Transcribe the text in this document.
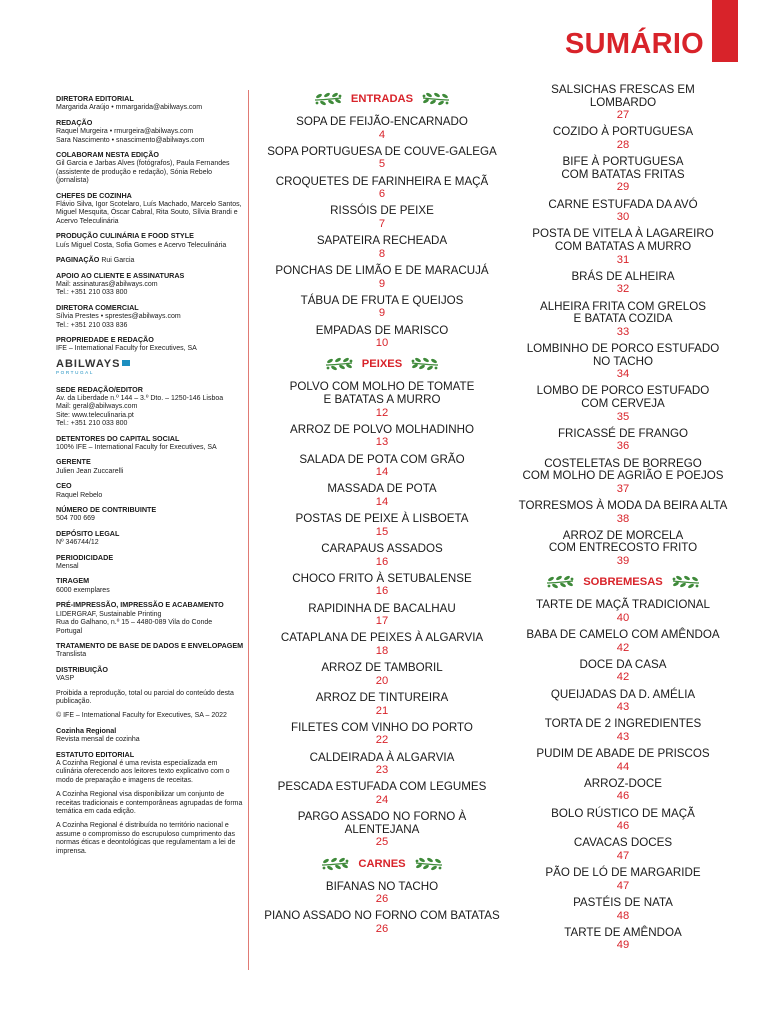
SUMÁRIO
DIRETORA EDITORIAL
Margarida Araújo • mmargarida@abilways.com
REDAÇÃO
Raquel Murgeira • rmurgeira@abilways.com
Sara Nascimento • snascimento@abilways.com
COLABORAM NESTA EDIÇÃO
Gil Garcia e Jarbas Alves (fotógrafos), Paula Fernandes (assistente de produção e redação), Sónia Rebelo (jornalista)
CHEFES DE COZINHA
Flávio Silva, Igor Scotelaro, Luís Machado, Marcelo Santos, Miguel Mesquita, Óscar Cabral, Rita Souto, Sílvia Brandi e Acervo Teleculinária
PRODUÇÃO CULINÁRIA E FOOD STYLE
Luís Miguel Costa, Sofia Gomes e Acervo Teleculinária
PAGINAÇÃO Rui Garcia
APOIO AO CLIENTE E ASSINATURAS
Mail: assinaturas@abilways.com
Tel.: +351 210 033 800
DIRETORA COMERCIAL
Sílvia Prestes • sprestes@abilways.com
Tel.: +351 210 033 836
PROPRIEDADE E REDAÇÃO
IFE – International Faculty for Executives, SA
ABILWAYS
PORTUGAL
SEDE REDAÇÃO/EDITOR
Av. da Liberdade n.º 144 – 3.º Dto. – 1250-146 Lisboa
Mail: geral@abilways.com
Site: www.teleculinaria.pt
Tel.: +351 210 033 800
DETENTORES DO CAPITAL SOCIAL
100% IFE – International Faculty for Executives, SA
GERENTE
Julien Jean Zuccarelli
CEO
Raquel Rebelo
NÚMERO DE CONTRIBUINTE
504 700 669
DEPÓSITO LEGAL
Nº 346744/12
PERIODICIDADE
Mensal
TIRAGEM
6000 exemplares
PRÉ-IMPRESSÃO, IMPRESSÃO E ACABAMENTO
LIDERGRAF, Sustainable Printing
Rua do Galhano, n.º 15 – 4480-089 Vila do Conde
Portugal
TRATAMENTO DE BASE DE DADOS E ENVELOPAGEM
Translista
DISTRIBUIÇÃO
VASP
Proibida a reprodução, total ou parcial do conteúdo desta publicação.
© IFE – International Faculty for Executives, SA – 2022
Cozinha Regional
Revista mensal de cozinha
ESTATUTO EDITORIAL
A Cozinha Regional é uma revista especializada em culinária oferecendo aos leitores texto explicativo com o modo de preparação e imagens de receitas.
A Cozinha Regional visa disponibilizar um conjunto de receitas tradicionais e contemporâneas agrupadas de forma temática em cada edição.
A Cozinha Regional é distribuída no território nacional e assume o compromisso do escrupuloso cumprimento das normas éticas e deontológicas que regulamentam a lei de imprensa.
ENTRADAS
SOPA DE FEIJÃO-ENCARNADO
4
SOPA PORTUGUESA DE COUVE-GALEGA
5
CROQUETES DE FARINHEIRA E MAÇÃ
6
RISSÓIS DE PEIXE
7
SAPATEIRA RECHEADA
8
PONCHAS DE LIMÃO E DE MARACUJÁ
9
TÁBUA DE FRUTA E QUEIJOS
9
EMPADAS DE MARISCO
10
PEIXES
POLVO COM MOLHO DE TOMATE
E BATATAS A MURRO
12
ARROZ DE POLVO MOLHADINHO
13
SALADA DE POTA COM GRÃO
14
MASSADA DE POTA
14
POSTAS DE PEIXE À LISBOETA
15
CARAPAUS ASSADOS
16
CHOCO FRITO À SETUBALENSE
16
RAPIDINHA DE BACALHAU
17
CATAPLANA DE PEIXES À ALGARVIA
18
ARROZ DE TAMBORIL
20
ARROZ DE TINTUREIRA
21
FILETES COM VINHO DO PORTO
22
CALDEIRADA À ALGARVIA
23
PESCADA ESTUFADA COM LEGUMES
24
PARGO ASSADO NO FORNO À ALENTEJANA
25
CARNES
BIFANAS NO TACHO
26
PIANO ASSADO NO FORNO COM BATATAS
26
SALSICHAS FRESCAS EM LOMBARDO
27
COZIDO À PORTUGUESA
28
BIFE À PORTUGUESA
COM BATATAS FRITAS
29
CARNE ESTUFADA DA AVÓ
30
POSTA DE VITELA À LAGAREIRO
COM BATATAS A MURRO
31
BRÁS DE ALHEIRA
32
ALHEIRA FRITA COM GRELOS
E BATATA COZIDA
33
LOMBINHO DE PORCO ESTUFADO
NO TACHO
34
LOMBO DE PORCO ESTUFADO
COM CERVEJA
35
FRICASSÉ DE FRANGO
36
COSTELETAS DE BORREGO
COM MOLHO DE AGRIÃO E POEJOS
37
TORRESMOS À MODA DA BEIRA ALTA
38
ARROZ DE MORCELA
COM ENTRECOSTO FRITO
39
SOBREMESAS
TARTE DE MAÇÃ TRADICIONAL
40
BABA DE CAMELO COM AMÊNDOA
42
DOCE DA CASA
42
QUEIJADAS DA D. AMÉLIA
43
TORTA DE 2 INGREDIENTES
43
PUDIM DE ABADE DE PRISCOS
44
ARROZ-DOCE
46
BOLO RÚSTICO DE MAÇÃ
46
CAVACAS DOCES
47
PÃO DE LÓ DE MARGARIDE
47
PASTÉIS DE NATA
48
TARTE DE AMÊNDOA
49
